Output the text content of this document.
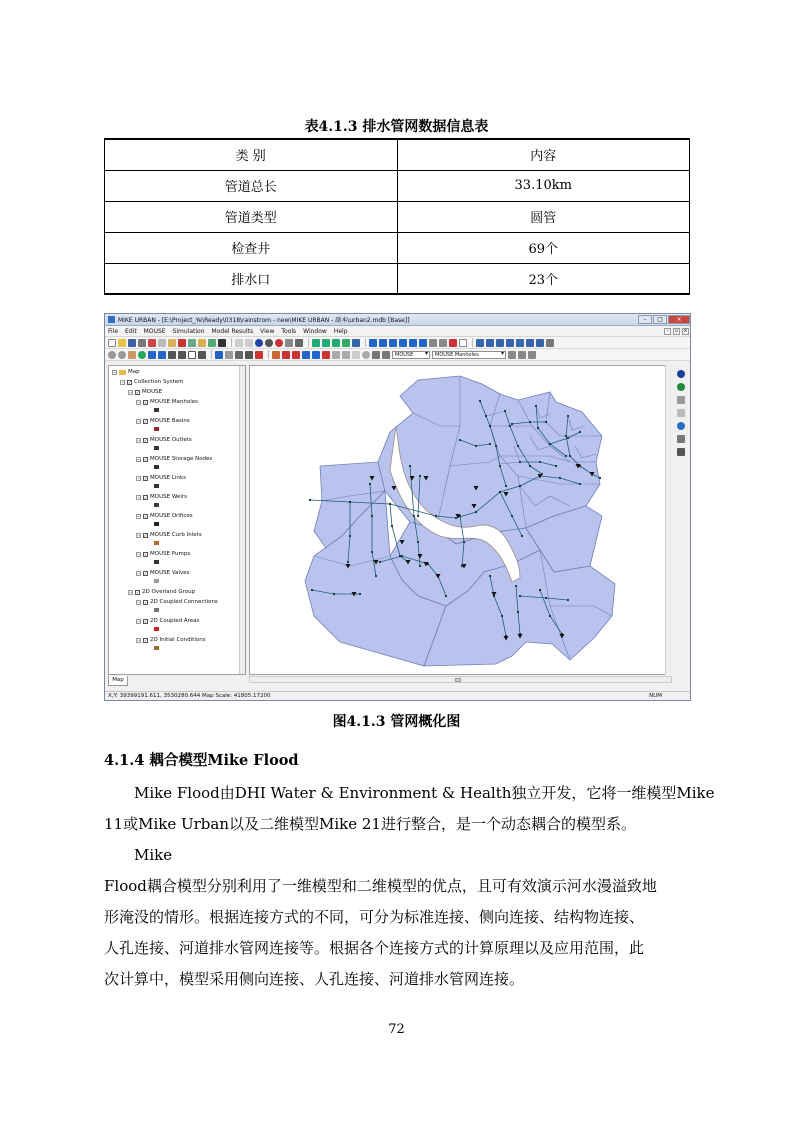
表4.1.3 排水管网数据信息表
类 别	内容
管道总长	33.10km
管道类型	圆管
检查井	69个
排水口	23个
MIKE URBAN - [E:\Project_Ye\Ready\0318\rainstrom - new\MIKE URBAN - 副本\urban2.mdb [Base]]	–	□	×
File Edit MOUSE Simulation Model Results View Tools Window Help	-	▫	×
MOUSE ▾	MOUSE Manholes ▾
− Map
− ✓ Collection System
− ✓ MOUSE
− ✓ MOUSE Manholes
− ✓ MOUSE Basins
− ✓ MOUSE Outlets
− ✓ MOUSE Storage Nodes
− ✓ MOUSE Links
− ✓ MOUSE Weirs
− ✓ MOUSE Orifices
− ✓ MOUSE Curb Inlets
− ✓ MOUSE Pumps
− ✓ MOUSE Valves
− ✓ 2D Overland Group
− ✓ 2D Coupled Connections
− ✓ 2D Coupled Areas
− ✓ 2D Initial Conditions
Map
X,Y: 39399191.611, 3530280.644 Map Scale: 41805.17200	NUM
图4.1.3 管网概化图
4.1.4 耦合模型Mike Flood
Mike Flood由DHI Water & Environment & Health独立开发，它将一维模型Mike
11或Mike Urban以及二维模型Mike 21进行整合，是一个动态耦合的模型系。
Mike
Flood耦合模型分别利用了一维模型和二维模型的优点，且可有效演示河水漫溢致地
形淹没的情形。根据连接方式的不同，可分为标准连接、侧向连接、结构物连接、
人孔连接、河道排水管网连接等。根据各个连接方式的计算原理以及应用范围，此
次计算中，模型采用侧向连接、人孔连接、河道排水管网连接。
72
